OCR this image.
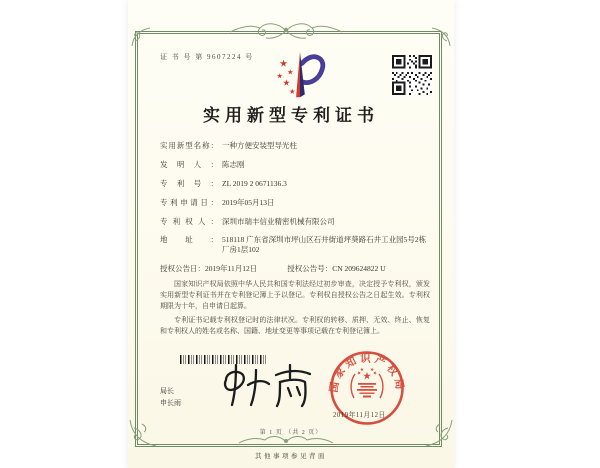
证 书 号 第 9607224 号
实用新型专利证书
实用新型名称： 一种方便安装型导光柱
发明人： 陈志刚
专利号： ZL 2019 2 0671136.3
专利申请日： 2019年05月13日
专利权人： 深圳市瑞丰信业精密机械有限公司
地址： 518118 广东省深圳市坪山区石井街道坪葵路石井工业园5号2栋厂房1层102
授权公告日：2019年11月12日	授权公告号：CN 209624822 U

国家知识产权局依照中华人民共和国专利法经过初步审查，决定授予专利权，颁发实用新型专利证书并在专利登记簿上予以登记。专利权自授权公告之日起生效。专利权期限为十年，自申请日起算。

专利证书记载专利权登记时的法律状况。专利权的转移、质押、无效、终止、恢复和专利权人的姓名或名称、国籍、地址变更等事项记载在专利登记簿上。

局长
申长雨
2019年11月12日
国家知识产权局
第 1 页 （共 2 页）
其他事项参见背面
